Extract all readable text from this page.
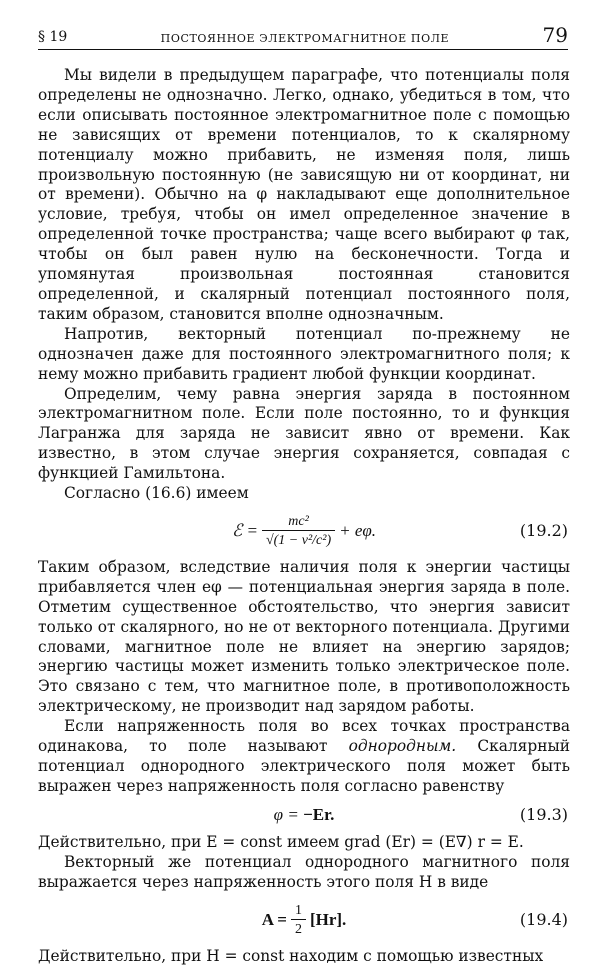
§ 19	ПОСТОЯННОЕ ЭЛЕКТРОМАГНИТНОЕ ПОЛЕ	79

Мы видели в предыдущем параграфе, что потенциалы поля определены не однозначно. Легко, однако, убедиться в том, что если описывать постоянное электромагнитное поле с помощью не зависящих от времени потенциалов, то к скалярному потенциалу можно прибавить, не изменяя поля, лишь произвольную постоянную (не зависящую ни от координат, ни от времени). Обычно на φ накладывают еще дополнительное условие, требуя, чтобы он имел определенное значение в определенной точке пространства; чаще всего выбирают φ так, чтобы он был равен нулю на бесконечности. Тогда и упомянутая произвольная постоянная становится определенной, и скалярный потенциал постоянного поля, таким образом, становится вполне однозначным.

Напротив, векторный потенциал по-прежнему не однозначен даже для постоянного электромагнитного поля; к нему можно прибавить градиент любой функции координат.

Определим, чему равна энергия заряда в постоянном электромагнитном поле. Если поле постоянно, то и функция Лагранжа для заряда не зависит явно от времени. Как известно, в этом случае энергия сохраняется, совпадая с функцией Гамильтона.

Согласно (16.6) имеем

ℰ = $\frac{\text{mc²}}{\text{√(1 − v²/c²)}} + e\varphi$.	(19.2)

Таким образом, вследствие наличия поля к энергии частицы прибавляется член eφ — потенциальная энергия заряда в поле. Отметим существенное обстоятельство, что энергия зависит только от скалярного, но не от векторного потенциала. Другими словами, магнитное поле не влияет на энергию зарядов; энергию частицы может изменить только электрическое поле. Это связано с тем, что магнитное поле, в противоположность электрическому, не производит над зарядом работы.

Если напряженность поля во всех точках пространства одинакова, то поле называют однородным. Скалярный потенциал однородного электрического поля может быть выражен через напряженность поля согласно равенству

φ =
−Er.	(19.3)

Действительно, при E = const имеем grad (Er) = (E∇) r = E.

Векторный же потенциал однородного магнитного поля выражается через напряженность этого поля H в виде

$A = \frac{1}{2} [Hr]$.	(19.4)

Действительно, при H = const находим с помощью известных
